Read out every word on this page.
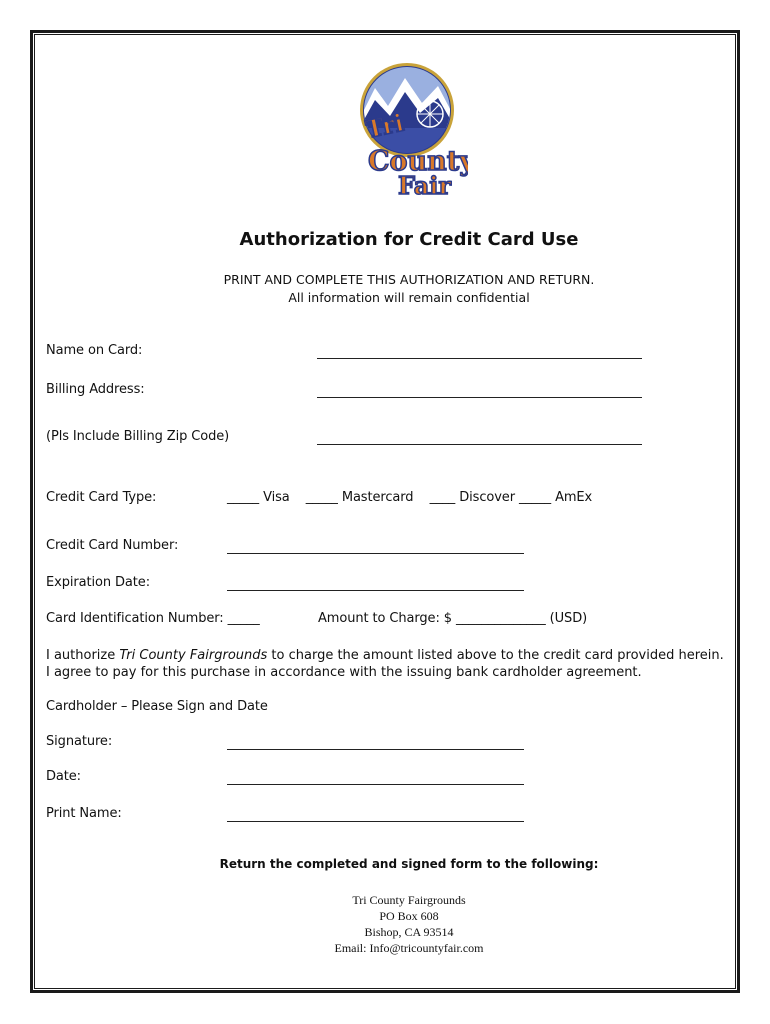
Tri
County
Fair
Authorization for Credit Card Use
PRINT AND COMPLETE THIS AUTHORIZATION AND RETURN.
All information will remain confidential
Name on Card:
Billing Address:
(Pls Include Billing Zip Code)
Credit Card Type:	_____ Visa _____ Mastercard ____ Discover _____ AmEx
Credit Card Number:
Expiration Date:
Card Identification Number: _____	Amount to Charge: $ ______________ (USD)
I authorize Tri County Fairgrounds to charge the amount listed above to the credit card provided herein. I agree to pay for this purchase in accordance with the issuing bank cardholder agreement.
Cardholder – Please Sign and Date
Signature:
Date:
Print Name:
Return the completed and signed form to the following:
Tri County Fairgrounds
PO Box 608
Bishop, CA 93514
Email: Info@tricountyfair.com
